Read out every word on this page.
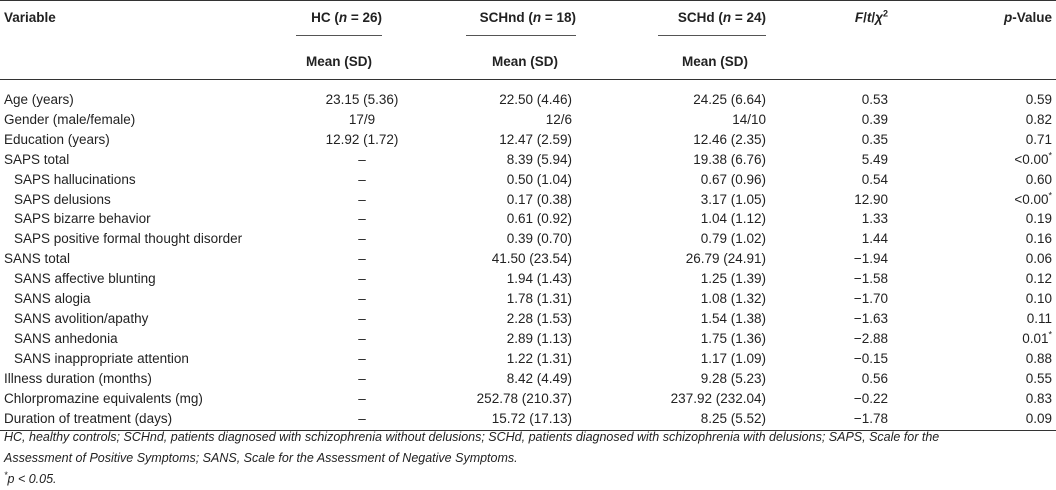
Variable	HC (n = 26)	SCHnd (n = 18)	SCHd (n = 24)	$F/t/\chi^2$	p-Value
	Mean (SD)	Mean (SD)	Mean (SD)		

Age (years)	23.15 (5.36)	22.50 (4.46)	24.25 (6.64)	0.53	0.59
Gender (male/female)	17/9	12/6	14/10	0.39	0.82
Education (years)	12.92 (1.72)	12.47 (2.59)	12.46 (2.35)	0.35	0.71
SAPS total	–	8.39 (5.94)	19.38 (6.76)	5.49	<0.00*
SAPS hallucinations	–	0.50 (1.04)	0.67 (0.96)	0.54	0.60
SAPS delusions	–	0.17 (0.38)	3.17 (1.05)	12.90	<0.00*
SAPS bizarre behavior	–	0.61 (0.92)	1.04 (1.12)	1.33	0.19
SAPS positive formal thought disorder	–	0.39 (0.70)	0.79 (1.02)	1.44	0.16
SANS total	–	41.50 (23.54)	26.79 (24.91)	−1.94	0.06
SANS affective blunting	–	1.94 (1.43)	1.25 (1.39)	−1.58	0.12
SANS alogia	–	1.78 (1.31)	1.08 (1.32)	−1.70	0.10
SANS avolition/apathy	–	2.28 (1.53)	1.54 (1.38)	−1.63	0.11
SANS anhedonia	–	2.89 (1.13)	1.75 (1.36)	−2.88	0.01*
SANS inappropriate attention	–	1.22 (1.31)	1.17 (1.09)	−0.15	0.88
Illness duration (months)	–	8.42 (4.49)	9.28 (5.23)	0.56	0.55
Chlorpromazine equivalents (mg)	–	252.78 (210.37)	237.92 (232.04)	−0.22	0.83
Duration of treatment (days)	–	15.72 (17.13)	8.25 (5.52)	−1.78	0.09

HC, healthy controls; SCHnd, patients diagnosed with schizophrenia without delusions; SCHd, patients diagnosed with schizophrenia with delusions; SAPS, Scale for the

Assessment of Positive Symptoms; SANS, Scale for the Assessment of Negative Symptoms.

*p < 0.05.
